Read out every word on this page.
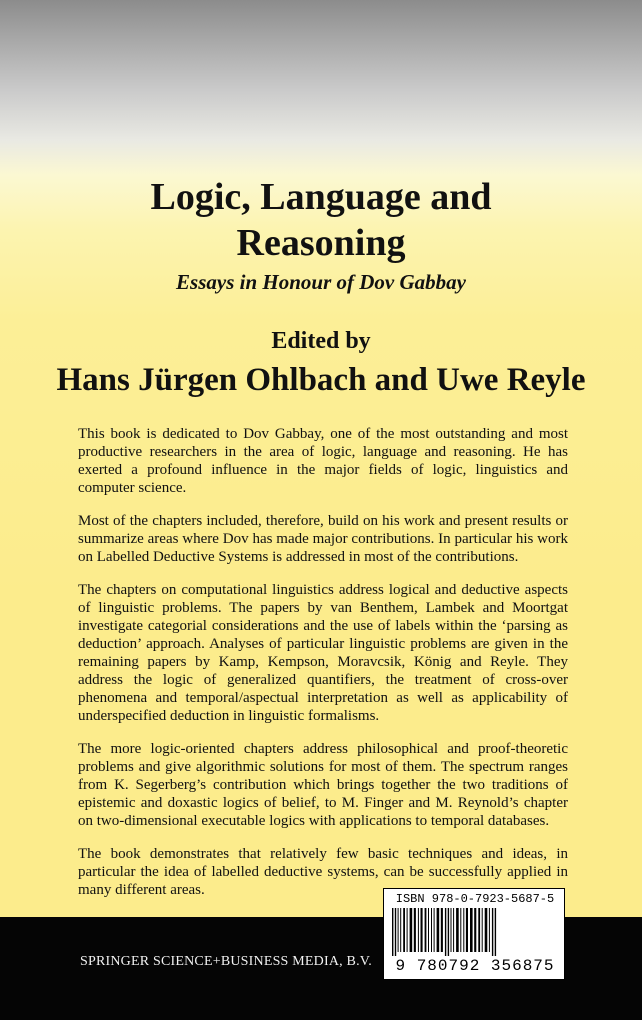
Logic, Language and
Reasoning
Essays in Honour of Dov Gabbay
Edited by
Hans Jürgen Ohlbach and Uwe Reyle

This book is dedicated to Dov Gabbay, one of the most outstanding and most productive researchers in the area of logic, language and reasoning. He has exerted a profound influence in the major fields of logic, linguistics and computer science.

Most of the chapters included, therefore, build on his work and present results or summarize areas where Dov has made major contributions. In particular his work on Labelled Deductive Systems is addressed in most of the contributions.

The chapters on computational linguistics address logical and deductive aspects of linguistic problems. The papers by van Benthem, Lambek and Moortgat investigate categorial considerations and the use of labels within the ‘parsing as deduction’ approach. Analyses of particular linguistic problems are given in the remaining papers by Kamp, Kempson, Moravcsik, König and Reyle. They address the logic of generalized quantifiers, the treatment of cross-over phenomena and temporal/aspectual interpretation as well as applicability of underspecified deduction in linguistic formalisms.

The more logic-oriented chapters address philosophical and proof-theoretic problems and give algorithmic solutions for most of them. The spectrum ranges from K. Segerberg’s contribution which brings together the two traditions of epistemic and doxastic logics of belief, to M. Finger and M. Reynold’s chapter on two-dimensional executable logics with applications to temporal databases.

The book demonstrates that relatively few basic techniques and ideas, in particular the idea of labelled deductive systems, can be successfully applied in many different areas.

SPRINGER SCIENCE+BUSINESS MEDIA, B.V.
ISBN 978-0-7923-5687-5
9 780792 356875
